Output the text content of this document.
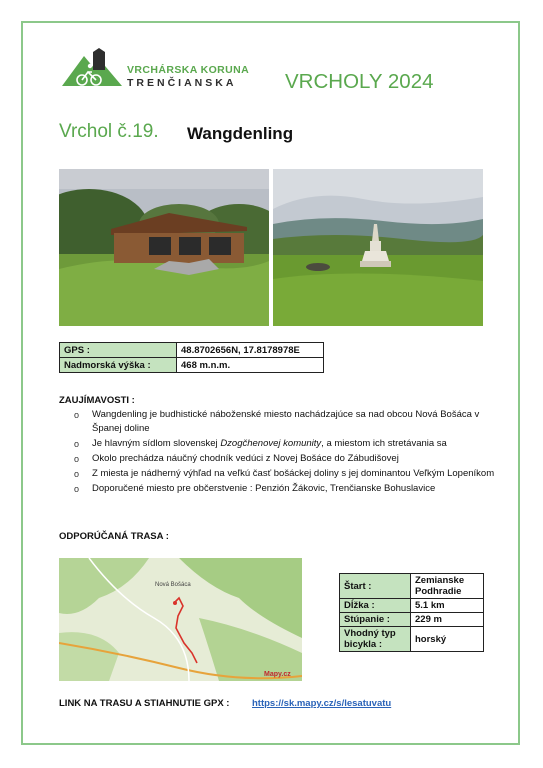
VRCHÁRSKA KORUNA
TRENČIANSKA VRCHOLY 2024
Vrchol č.19. Wangdenling
GPS :	48.8702656N, 17.8178978E
Nadmorská výška :	468 m.n.m.
ZAUJÍMAVOSTI :
o Wangdenling je budhistické náboženské miesto nachádzajúce sa nad obcou Nová Bošáca v Španej doline
o Je hlavným sídlom slovenskej Dzogčhenovej komunity, a miestom ich stretávania sa
o Okolo prechádza náučný chodník vedúci z Novej Bošáce do Zábudišovej
o Z miesta je nádherný výhľad na veľkú časť bošáckej doliny s jej dominantou Veľkým Lopeníkom
o Doporučené miesto pre občerstvenie : Penzión Žákovic, Trenčianske Bohuslavice
ODPORÚČANÁ TRASA :
Nová Bošáca
Mapy.cz
Štart :	Zemianske Podhradie
Dĺžka :	5.1 km
Stúpanie :	229 m
Vhodný typ bicykla :	horský
LINK NA TRASU A STIAHNUTIE GPX : https://sk.mapy.cz/s/lesatuvatu
